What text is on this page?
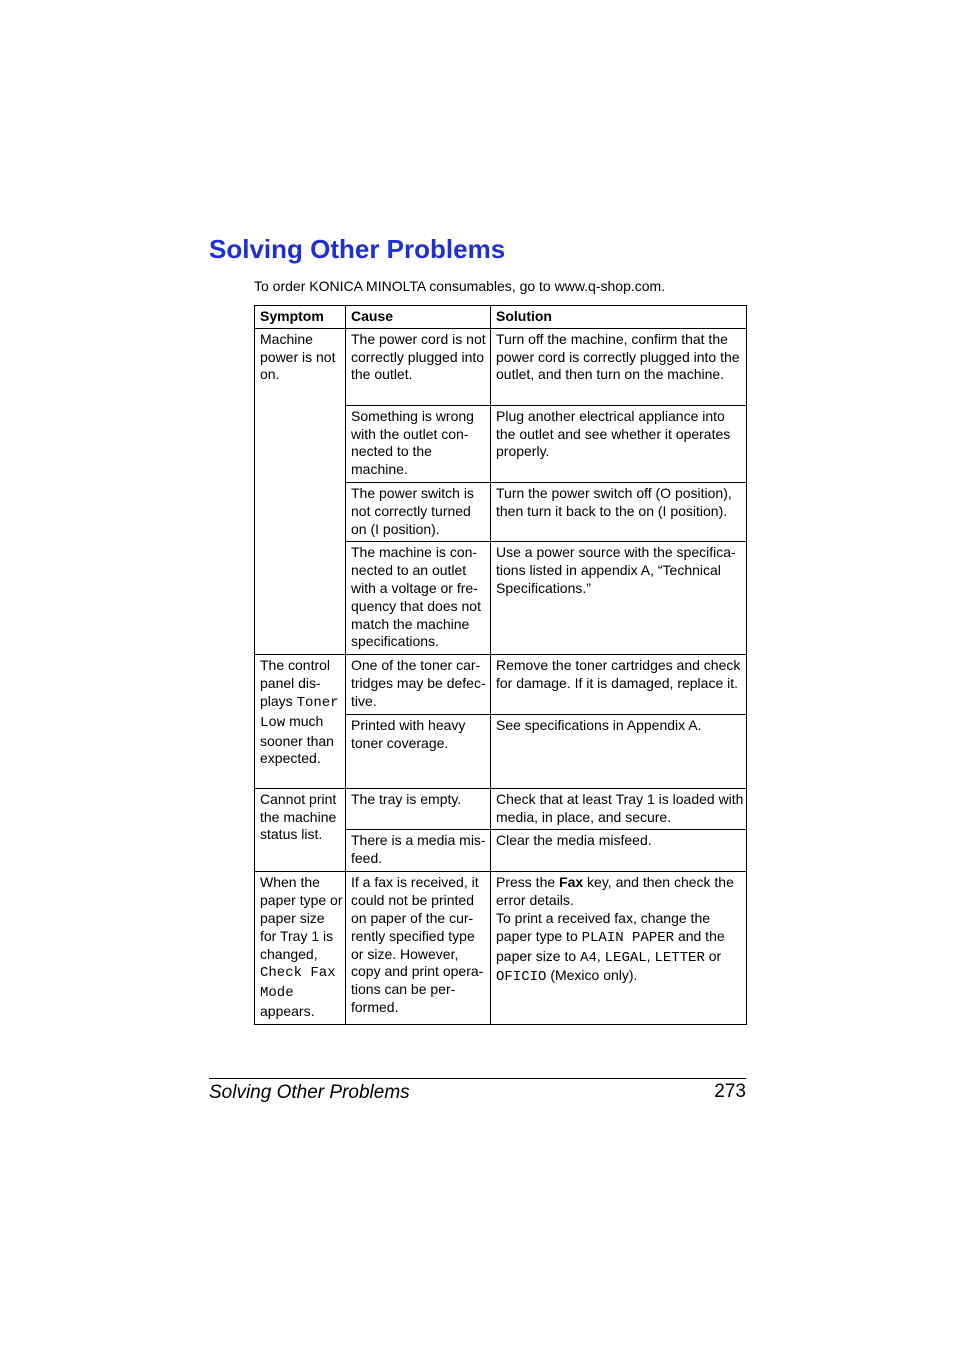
Solving Other Problems
To order KONICA MINOLTA consumables, go to www.q-shop.com.
Symptom	Cause	Solution
Machine power is not on.	The power cord is not correctly plugged into the outlet.	Turn off the machine, confirm that the power cord is correctly plugged into the outlet, and then turn on the machine.
	Something is wrong with the outlet con-nected to the machine.	Plug another electrical appliance into the outlet and see whether it operates properly.
	The power switch is not correctly turned on (I position).	Turn the power switch off (O position), then turn it back to the on (I position).
	The machine is con-nected to an outlet with a voltage or fre-quency that does not match the machine specifications.	Use a power source with the specifica-tions listed in appendix A, “Technical Specifications.”
The control panel dis-plays Toner Low much sooner than expected.	One of the toner car-tridges may be defec-tive.	Remove the toner cartridges and check for damage. If it is damaged, replace it.
	Printed with heavy toner coverage.	See specifications in Appendix A.
Cannot print the machine status list.	The tray is empty.	Check that at least Tray 1 is loaded with media, in place, and secure.
	There is a media mis-feed.	Clear the media misfeed.
When the paper type or paper size for Tray 1 is changed, Check Fax Mode appears.	If a fax is received, it could not be printed on paper of the cur-rently specified type or size. However, copy and print opera-tions can be per-formed.	Press the Fax key, and then check the error details.
To print a received fax, change the paper type to PLAIN PAPER and the paper size to A4, LEGAL, LETTER or OFICIO (Mexico only).
Solving Other Problems	273
